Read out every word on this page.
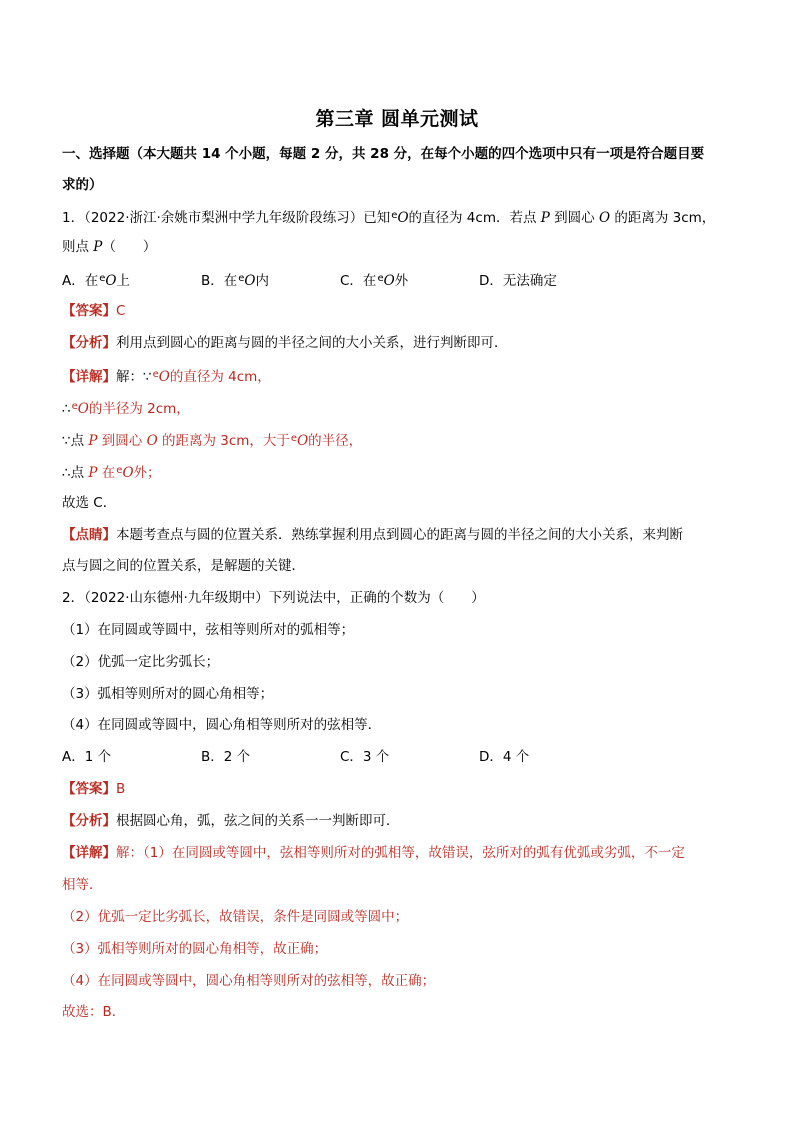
第三章 圆单元测试
一、选择题（本大题共 14 个小题，每题 2 分，共 28 分，在每个小题的四个选项中只有一项是符合题目要
求的）
1．（2022·浙江·余姚市梨洲中学九年级阶段练习）已知$^e$O的直径为 4cm．若点 P 到圆心 O 的距离为 3cm，
则点 P（　　）
A．在$^e$O上	B．在$^e$O内	C．在$^e$O外	D．无法确定
【答案】C
【分析】利用点到圆心的距离与圆的半径之间的大小关系，进行判断即可．
【详解】解：∵$^e$O的直径为 4cm，
∴$^e$O的半径为 2cm，
∵点 P 到圆心 O 的距离为 3cm，大于$^e$O的半径，
∴点 P 在$^e$O外；
故选 C．
【点睛】本题考查点与圆的位置关系．熟练掌握利用点到圆心的距离与圆的半径之间的大小关系，来判断
点与圆之间的位置关系，是解题的关键．
2．（2022·山东德州·九年级期中）下列说法中，正确的个数为（　　）
（1）在同圆或等圆中，弦相等则所对的弧相等；
（2）优弧一定比劣弧长；
（3）弧相等则所对的圆心角相等；
（4）在同圆或等圆中，圆心角相等则所对的弦相等．
A．1 个	B．2 个	C．3 个	D．4 个
【答案】B
【分析】根据圆心角，弧，弦之间的关系一一判断即可．
【详解】解：（1）在同圆或等圆中，弦相等则所对的弧相等，故错误，弦所对的弧有优弧或劣弧，不一定
相等．
（2）优弧一定比劣弧长，故错误，条件是同圆或等圆中；
（3）弧相等则所对的圆心角相等，故正确；
（4）在同圆或等圆中，圆心角相等则所对的弦相等，故正确；
故选：B．
